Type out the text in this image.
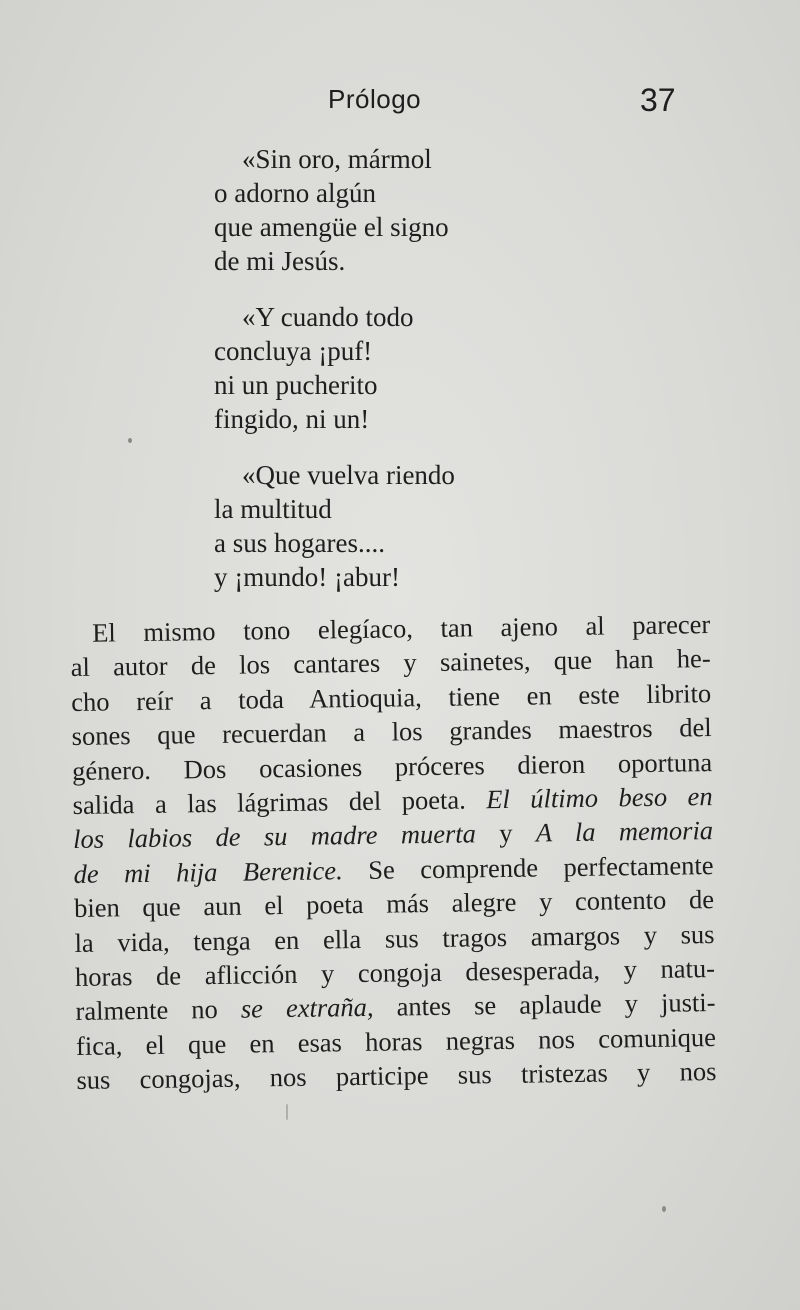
Prólogo	37
«Sin oro, mármol
o adorno algún
que amengüe el signo
de mi Jesús.
«Y cuando todo
concluya ¡puf!
ni un pucherito
fingido, ni un!
«Que vuelva riendo
la multitud
a sus hogares....
y ¡mundo! ¡abur!
El mismo tono elegíaco, tan ajeno al parecer
al autor de los cantares y sainetes, que han he-
cho reír a toda Antioquia, tiene en este librito
sones que recuerdan a los grandes maestros del
género. Dos ocasiones próceres dieron oportuna
salida a las lágrimas del poeta. El último beso en
los labios de su madre muerta y A la memoria
de mi hija Berenice. Se comprende perfectamente
bien que aun el poeta más alegre y contento de
la vida, tenga en ella sus tragos amargos y sus
horas de aflicción y congoja desesperada, y natu-
ralmente no se extraña, antes se aplaude y justi-
fica, el que en esas horas negras nos comunique
sus congojas, nos participe sus tristezas y nos
